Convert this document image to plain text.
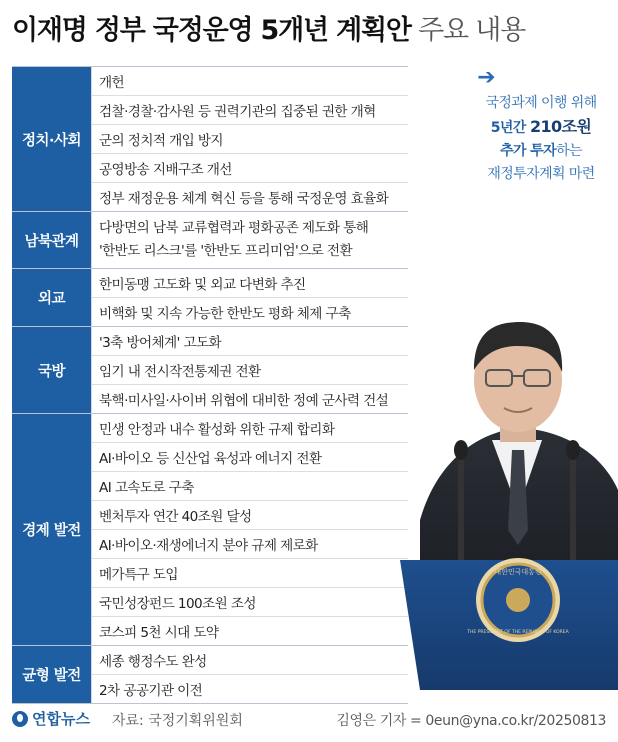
이재명 정부 국정운영 5개년 계획안 주요 내용
정치·사회
개헌
검찰·경찰·감사원 등 권력기관의 집중된 권한 개혁
군의 정치적 개입 방지
공영방송 지배구조 개선
정부 재정운용 체계 혁신 등을 통해 국정운영 효율화
남북관계
다방면의 남북 교류협력과 평화공존 제도화 통해
'한반도 리스크'를 '한반도 프리미엄'으로 전환
외교
한미동맹 고도화 및 외교 다변화 추진
비핵화 및 지속 가능한 한반도 평화 체제 구축
국방
'3축 방어체계' 고도화
임기 내 전시작전통제권 전환
북핵·미사일·사이버 위협에 대비한 정예 군사력 건설
경제 발전
민생 안정과 내수 활성화 위한 규제 합리화
AI·바이오 등 신산업 육성과 에너지 전환
AI 고속도로 구축
벤처투자 연간 40조원 달성
AI·바이오·재생에너지 분야 규제 제로화
메가특구 도입
국민성장펀드 100조원 조성
코스피 5천 시대 도약
균형 발전
세종 행정수도 완성
2차 공공기관 이전
➔
국정과제 이행 위해
5년간 210조원
추가 투자하는
재정투자계획 마련
대한민국대통령
THE PRESIDENT OF THE REPUBLIC OF KOREA
연합뉴스 자료: 국정기획위원회	김영은 기자 = 0eun@yna.co.kr/20250813
